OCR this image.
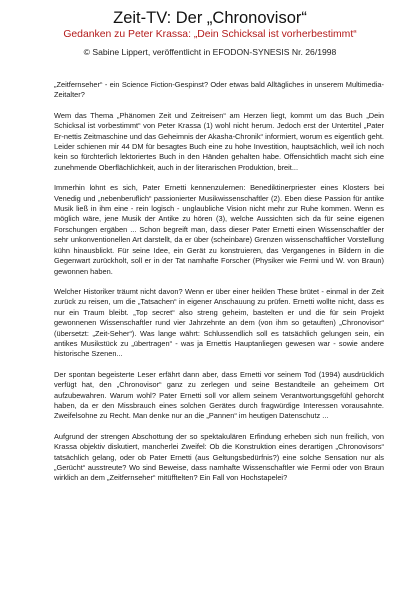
Zeit-TV: Der „Chronovisor“
Gedanken zu Peter Krassa: „Dein Schicksal ist vorherbestimmt“
© Sabine Lippert, veröffentlicht in EFODON-SYNESIS Nr. 26/1998

„Zeitfernseher“ - ein Science Fiction-Gespinst? Oder etwas bald Alltägliches in unserem Multimedia-Zeitalter?

Wem das Thema „Phänomen Zeit und Zeitreisen“ am Herzen liegt, kommt um das Buch „Dein Schicksal ist vorbestimmt“ von Peter Krassa (1) wohl nicht herum. Jedoch erst der Untertitel „Pater Er-nettis Zeitmaschine und das Geheimnis der Akasha-Chronik“ informiert, worum es eigentlich geht. Leider schienen mir 44 DM für besagtes Buch eine zu hohe Investition, hauptsächlich, weil ich noch kein so fürchterlich lektoriertes Buch in den Händen gehalten habe. Offensichtlich macht sich eine zunehmende Oberflächlichkeit, auch in der literarischen Produktion, breit...

Immerhin lohnt es sich, Pater Ernetti kennenzulernen: Benediktinerpriester eines Klosters bei Venedig und „nebenberuflich“ passionierter Musikwissenschaftler (2). Eben diese Passion für antike Musik ließ in ihm eine - rein logisch - unglaubliche Vision nicht mehr zur Ruhe kommen. Wenn es möglich wäre, jene Musik der Antike zu hören (3), welche Aussichten sich da für seine eigenen Forschungen ergäben ... Schon begreift man, dass dieser Pater Ernetti einen Wissenschaftler der sehr unkonventionellen Art darstellt, da er über (scheinbare) Grenzen wissenschaftlicher Vorstellung kühn hinausblickt. Für seine Idee, ein Gerät zu konstruieren, das Vergangenes in Bildern in die Gegenwart zurückholt, soll er in der Tat namhafte Forscher (Physiker wie Fermi und W. von Braun) gewonnen haben.

Welcher Historiker träumt nicht davon? Wenn er über einer heiklen These brütet - einmal in der Zeit zurück zu reisen, um die „Tatsachen“ in eigener Anschauung zu prüfen. Ernetti wollte nicht, dass es nur ein Traum bleibt. „Top secret“ also streng geheim, bastelten er und die für sein Projekt gewonnenen Wissenschaftler rund vier Jahrzehnte an dem (von ihm so getauften) „Chronovisor“ (übersetzt: „Zeit-Seher“). Was lange währt: Schlussendlich soll es tatsächlich gelungen sein, ein antikes Musikstück zu „übertragen“ - was ja Ernettis Hauptanliegen gewesen war - sowie andere historische Szenen...

Der spontan begeisterte Leser erfährt dann aber, dass Ernetti vor seinem Tod (1994) ausdrücklich verfügt hat, den „Chronovisor“ ganz zu zerlegen und seine Bestandteile an geheimem Ort aufzubewahren. Warum wohl? Pater Ernetti soll vor allem seinem Verantwortungsgefühl gehorcht haben, da er den Missbrauch eines solchen Gerätes durch fragwürdige Interessen vorausahnte. Zweifelsohne zu Recht. Man denke nur an die „Pannen“ im heutigen Datenschutz ...

Aufgrund der strengen Abschottung der so spektakulären Erfindung erheben sich nun freilich, von Krassa objektiv diskutiert, mancherlei Zweifel: Ob die Konstruktion eines derartigen „Chronovisors“ tatsächlich gelang, oder ob Pater Ernetti (aus Geltungsbedürfnis?) eine solche Sensation nur als „Gerücht“ ausstreute? Wo sind Beweise, dass namhafte Wissenschaftler wie Fermi oder von Braun wirklich an dem „Zeitfernseher“ mitüfftelten? Ein Fall von Hochstapelei?
